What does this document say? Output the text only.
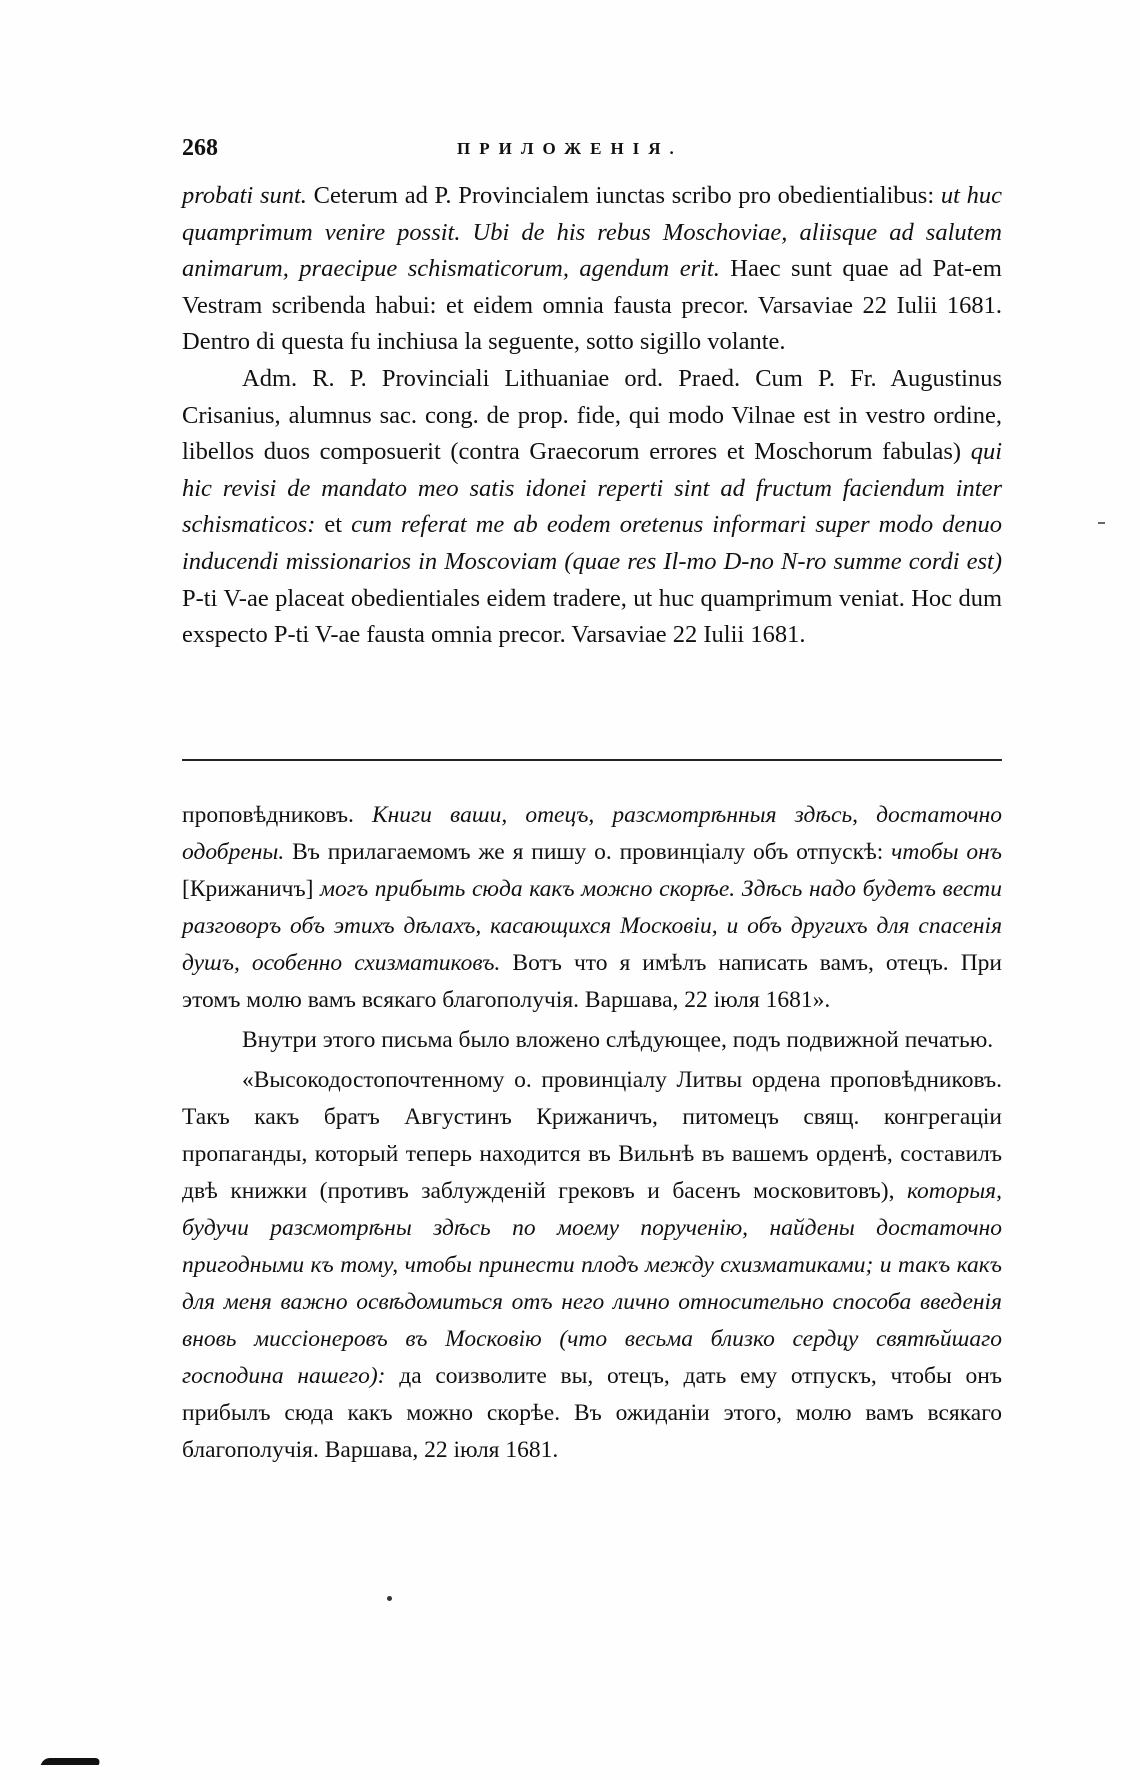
268	ПРИЛОЖЕНІЯ.

probati sunt. Ceterum ad P. Provincialem iunctas scribo pro obedientialibus: ut huc quamprimum venire possit. Ubi de his rebus Moschoviae, aliisque ad salutem animarum, praecipue schismaticorum, agendum erit. Haec sunt quae ad Pat-em Vestram scribenda habui: et eidem omnia fausta precor. Varsaviae 22 Iulii 1681. Dentro di questa fu inchiusa la seguente, sotto sigillo volante.

Adm. R. P. Provinciali Lithuaniae ord. Praed. Cum P. Fr. Augustinus Crisanius, alumnus sac. cong. de prop. fide, qui modo Vilnae est in vestro ordine, libellos duos composuerit (contra Graecorum errores et Moschorum fabulas) qui hic revisi de mandato meo satis idonei reperti sint ad fructum faciendum inter schismaticos: et cum referat me ab eodem oretenus informari super modo denuo inducendi missionarios in Moscoviam (quae res Il-mo D-no N-ro summe cordi est) P-ti V-ae placeat obedientiales eidem tradere, ut huc quamprimum veniat. Hoc dum exspecto P-ti V-ae fausta omnia precor. Varsaviae 22 Iulii 1681.

проповѣдниковъ. Книги ваши, отецъ, разсмотрѣнныя здѣсь, достаточно одобрены. Въ прилагаемомъ же я пишу о. провинціалу объ отпускѣ: чтобы онъ [Крижаничъ] могъ прибыть сюда какъ можно скорѣе. Здѣсь надо будетъ вести разговоръ объ этихъ дѣлахъ, касающихся Московіи, и объ другихъ для спасенія душъ, особенно схизматиковъ. Вотъ что я имѣлъ написать вамъ, отецъ. При этомъ молю вамъ всякаго благополучія. Варшава, 22 іюля 1681».

Внутри этого письма было вложено слѣдующее, подъ подвижной печатью.

«Высокодостопочтенному о. провинціалу Литвы ордена проповѣдниковъ. Такъ какъ братъ Августинъ Крижаничъ, питомецъ свящ. конгрегаціи пропаганды, который теперь находится въ Вильнѣ въ вашемъ орденѣ, составилъ двѣ книжки (противъ заблужденій грековъ и басенъ московитовъ), которыя, будучи разсмотрѣны здѣсь по моему порученію, найдены достаточно пригодными къ тому, чтобы принести плодъ между схизматиками; и такъ какъ для меня важно освѣдомиться отъ него лично относительно способа введенія вновь миссіонеровъ въ Московію (что весьма близко сердцу святѣйшаго господина нашего): да соизволите вы, отецъ, дать ему отпускъ, чтобы онъ прибылъ сюда какъ можно скорѣе. Въ ожиданіи этого, молю вамъ всякаго благополучія. Варшава, 22 іюля 1681.
